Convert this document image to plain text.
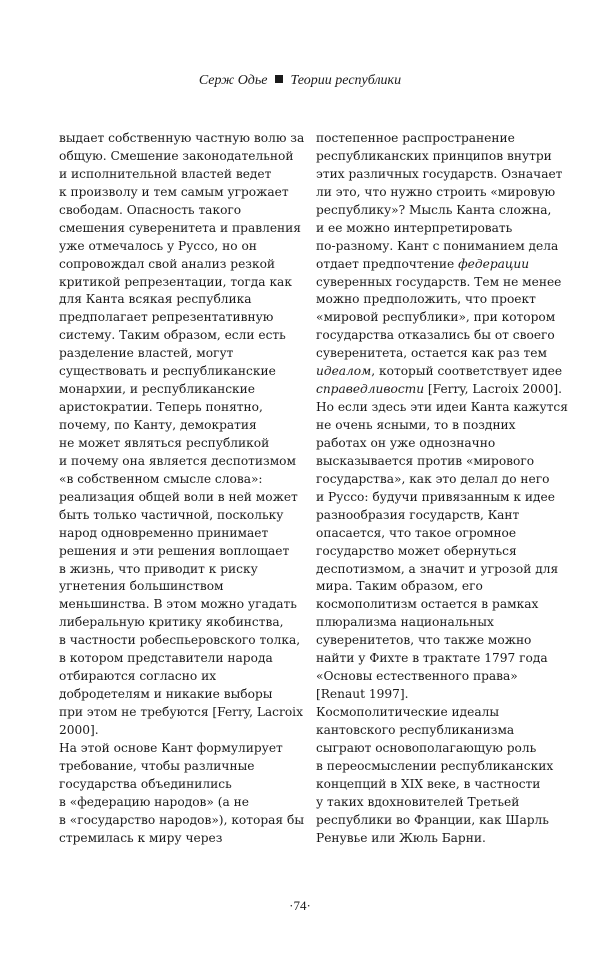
Серж Одье Теории республики
выдает собственную частную волю за
общую. Смешение законодательной
и исполнительной властей ведет
к произволу и тем самым угрожает
свободам. Опасность такого
смешения суверенитета и правления
уже отмечалось у Руссо, но он
сопровождал свой анализ резкой
критикой репрезентации, тогда как
для Канта всякая республика
предполагает репрезентативную
систему. Таким образом, если есть
разделение властей, могут
существовать и республиканские
монархии, и республиканские
аристократии. Теперь понятно,
почему, по Канту, демократия
не может являться республикой
и почему она является деспотизмом
«в собственном смысле слова»:
реализация общей воли в ней может
быть только частичной, поскольку
народ одновременно принимает
решения и эти решения воплощает
в жизнь, что приводит к риску
угнетения большинством
меньшинства. В этом можно угадать
либеральную критику якобинства,
в частности робеспьеровского толка,
в котором представители народа
отбираются согласно их
добродетелям и никакие выборы
при этом не требуются [Ferry, Lacroix
2000].
На этой основе Кант формулирует
требование, чтобы различные
государства объединились
в «федерацию народов» (а не
в «государство народов»), которая бы
стремилась к миру через
постепенное распространение
республиканских принципов внутри
этих различных государств. Означает
ли это, что нужно строить «мировую
республику»? Мысль Канта сложна,
и ее можно интерпретировать
по-разному. Кант с пониманием дела
отдает предпочтение федерации
суверенных государств. Тем не менее
можно предположить, что проект
«мировой республики», при котором
государства отказались бы от своего
суверенитета, остается как раз тем
идеалом, который соответствует идее
справедливости [Ferry, Lacroix 2000].
Но если здесь эти идеи Канта кажутся
не очень ясными, то в поздних
работах он уже однозначно
высказывается против «мирового
государства», как это делал до него
и Руссо: будучи привязанным к идее
разнообразия государств, Кант
опасается, что такое огромное
государство может обернуться
деспотизмом, а значит и угрозой для
мира. Таким образом, его
космополитизм остается в рамках
плюрализма национальных
суверенитетов, что также можно
найти у Фихте в трактате 1797 года
«Основы естественного права»
[Renaut 1997].
Космополитические идеалы
кантовского республиканизма
сыграют основополагающую роль
в переосмыслении республиканских
концепций в XIX веке, в частности
у таких вдохновителей Третьей
республики во Франции, как Шарль
Ренувье или Жюль Барни.
·74·
